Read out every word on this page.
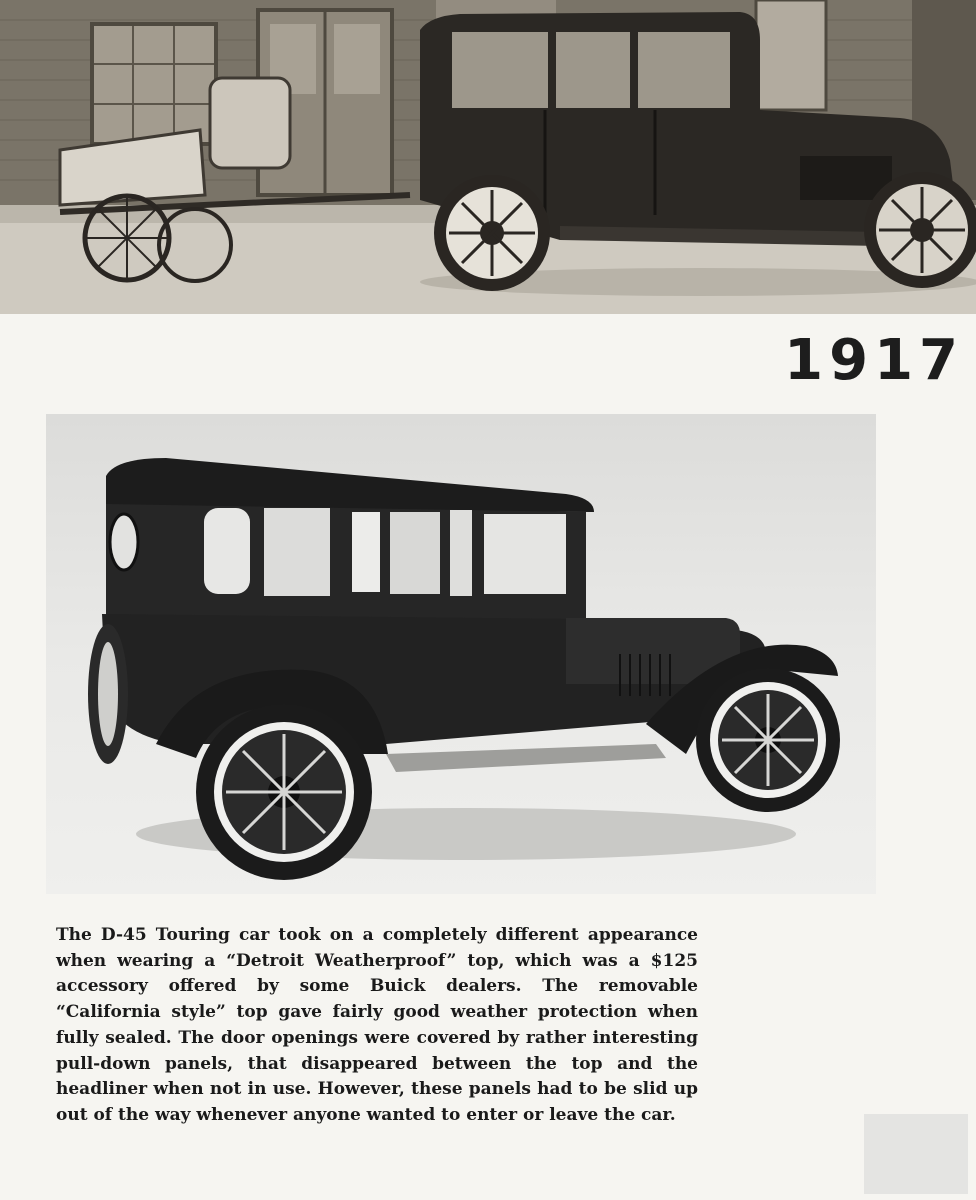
1917

The D-45 Touring car took on a completely different appearance when wearing a “Detroit Weatherproof” top, which was a $125 accessory offered by some Buick dealers. The removable “California style” top gave fairly good weather protection when fully sealed. The door openings were covered by rather interesting pull-down panels, that disappeared between the top and the headliner when not in use. However, these panels had to be slid up out of the way whenever anyone wanted to enter or leave the car.
